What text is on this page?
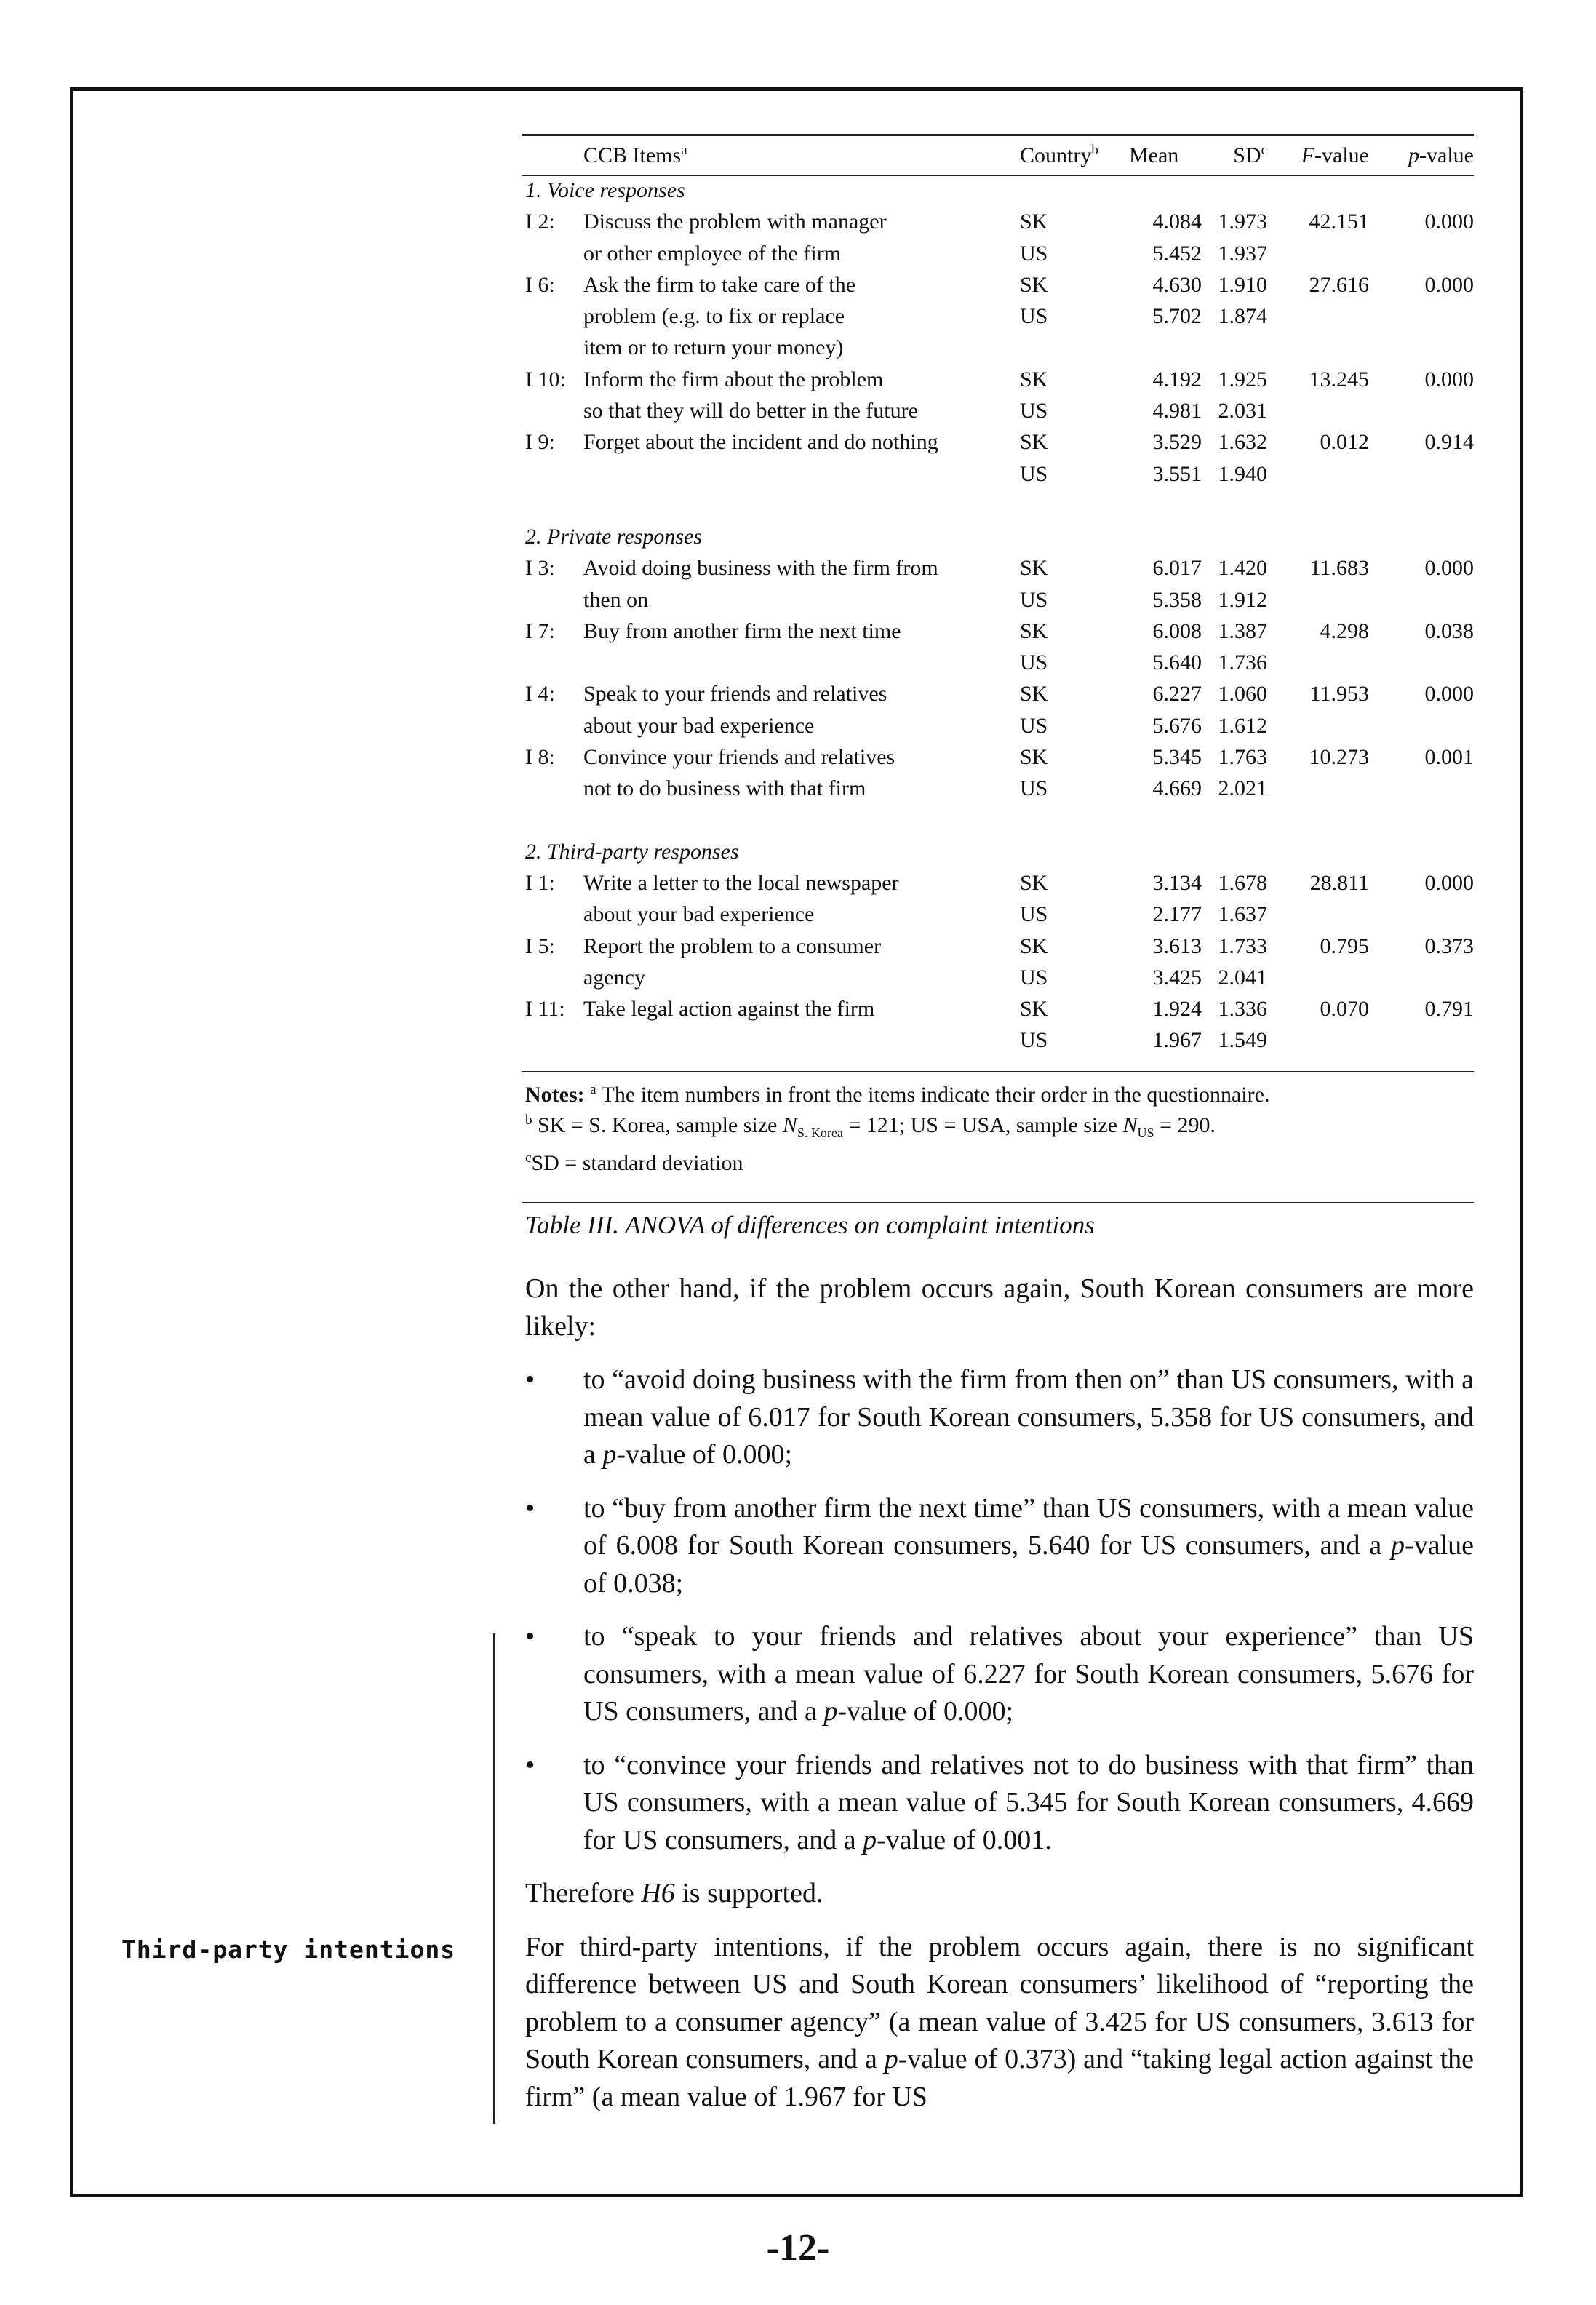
Third-party intentions
	CCB Items$^a$	Country$^b$	Mean	$SD^c$	F-value	p-value
1. Voice responses						
I 2:	Discuss the problem with manager	SK	4.084	1.973	42.151	0.000
	or other employee of the firm	US	5.452	1.937		
I 6:	Ask the firm to take care of the	SK	4.630	1.910	27.616	0.000
	problem (e.g. to fix or replace	US	5.702	1.874		
	item or to return your money)					
I 10:	Inform the firm about the problem	SK	4.192	1.925	13.245	0.000
	so that they will do better in the future	US	4.981	2.031		
I 9:	Forget about the incident and do nothing	SK	3.529	1.632	0.012	0.914
		US	3.551	1.940		

2. Private responses						
I 3:	Avoid doing business with the firm from	SK	6.017	1.420	11.683	0.000
	then on	US	5.358	1.912		
I 7:	Buy from another firm the next time	SK	6.008	1.387	4.298	0.038
		US	5.640	1.736		
I 4:	Speak to your friends and relatives	SK	6.227	1.060	11.953	0.000
	about your bad experience	US	5.676	1.612		
I 8:	Convince your friends and relatives	SK	5.345	1.763	10.273	0.001
	not to do business with that firm	US	4.669	2.021		

2. Third-party responses						
I 1:	Write a letter to the local newspaper	SK	3.134	1.678	28.811	0.000
	about your bad experience	US	2.177	1.637		
I 5:	Report the problem to a consumer	SK	3.613	1.733	0.795	0.373
	agency	US	3.425	2.041		
I 11:	Take legal action against the firm	SK	1.924	1.336	0.070	0.791
		US	1.967	1.549		
Notes: $^a$ The item numbers in front the items indicate their order in the questionnaire.
$^b$ SK = S. Korea, sample size $N_{S. Korea} = 121$; US = USA, sample size $N_{US} = 290$.
$^c$SD = standard deviation
Table III. ANOVA of differences on complaint intentions

On the other hand, if the problem occurs again, South Korean consumers are more likely:

• to “avoid doing business with the firm from then on” than US consumers, with a mean value of 6.017 for South Korean consumers, 5.358 for US consumers, and a p-value of 0.000;
• to “buy from another firm the next time” than US consumers, with a mean value of 6.008 for South Korean consumers, 5.640 for US consumers, and a p-value of 0.038;
• to “speak to your friends and relatives about your experience” than US consumers, with a mean value of 6.227 for South Korean consumers, 5.676 for US consumers, and a p-value of 0.000;
• to “convince your friends and relatives not to do business with that firm” than US consumers, with a mean value of 5.345 for South Korean consumers, 4.669 for US consumers, and a p-value of 0.001.

Therefore H6 is supported.

For third-party intentions, if the problem occurs again, there is no significant difference between US and South Korean consumers’ likelihood of “reporting the problem to a consumer agency” (a mean value of 3.425 for US consumers, 3.613 for South Korean consumers, and a p-value of 0.373) and “taking legal action against the firm” (a mean value of 1.967 for US

-12-
